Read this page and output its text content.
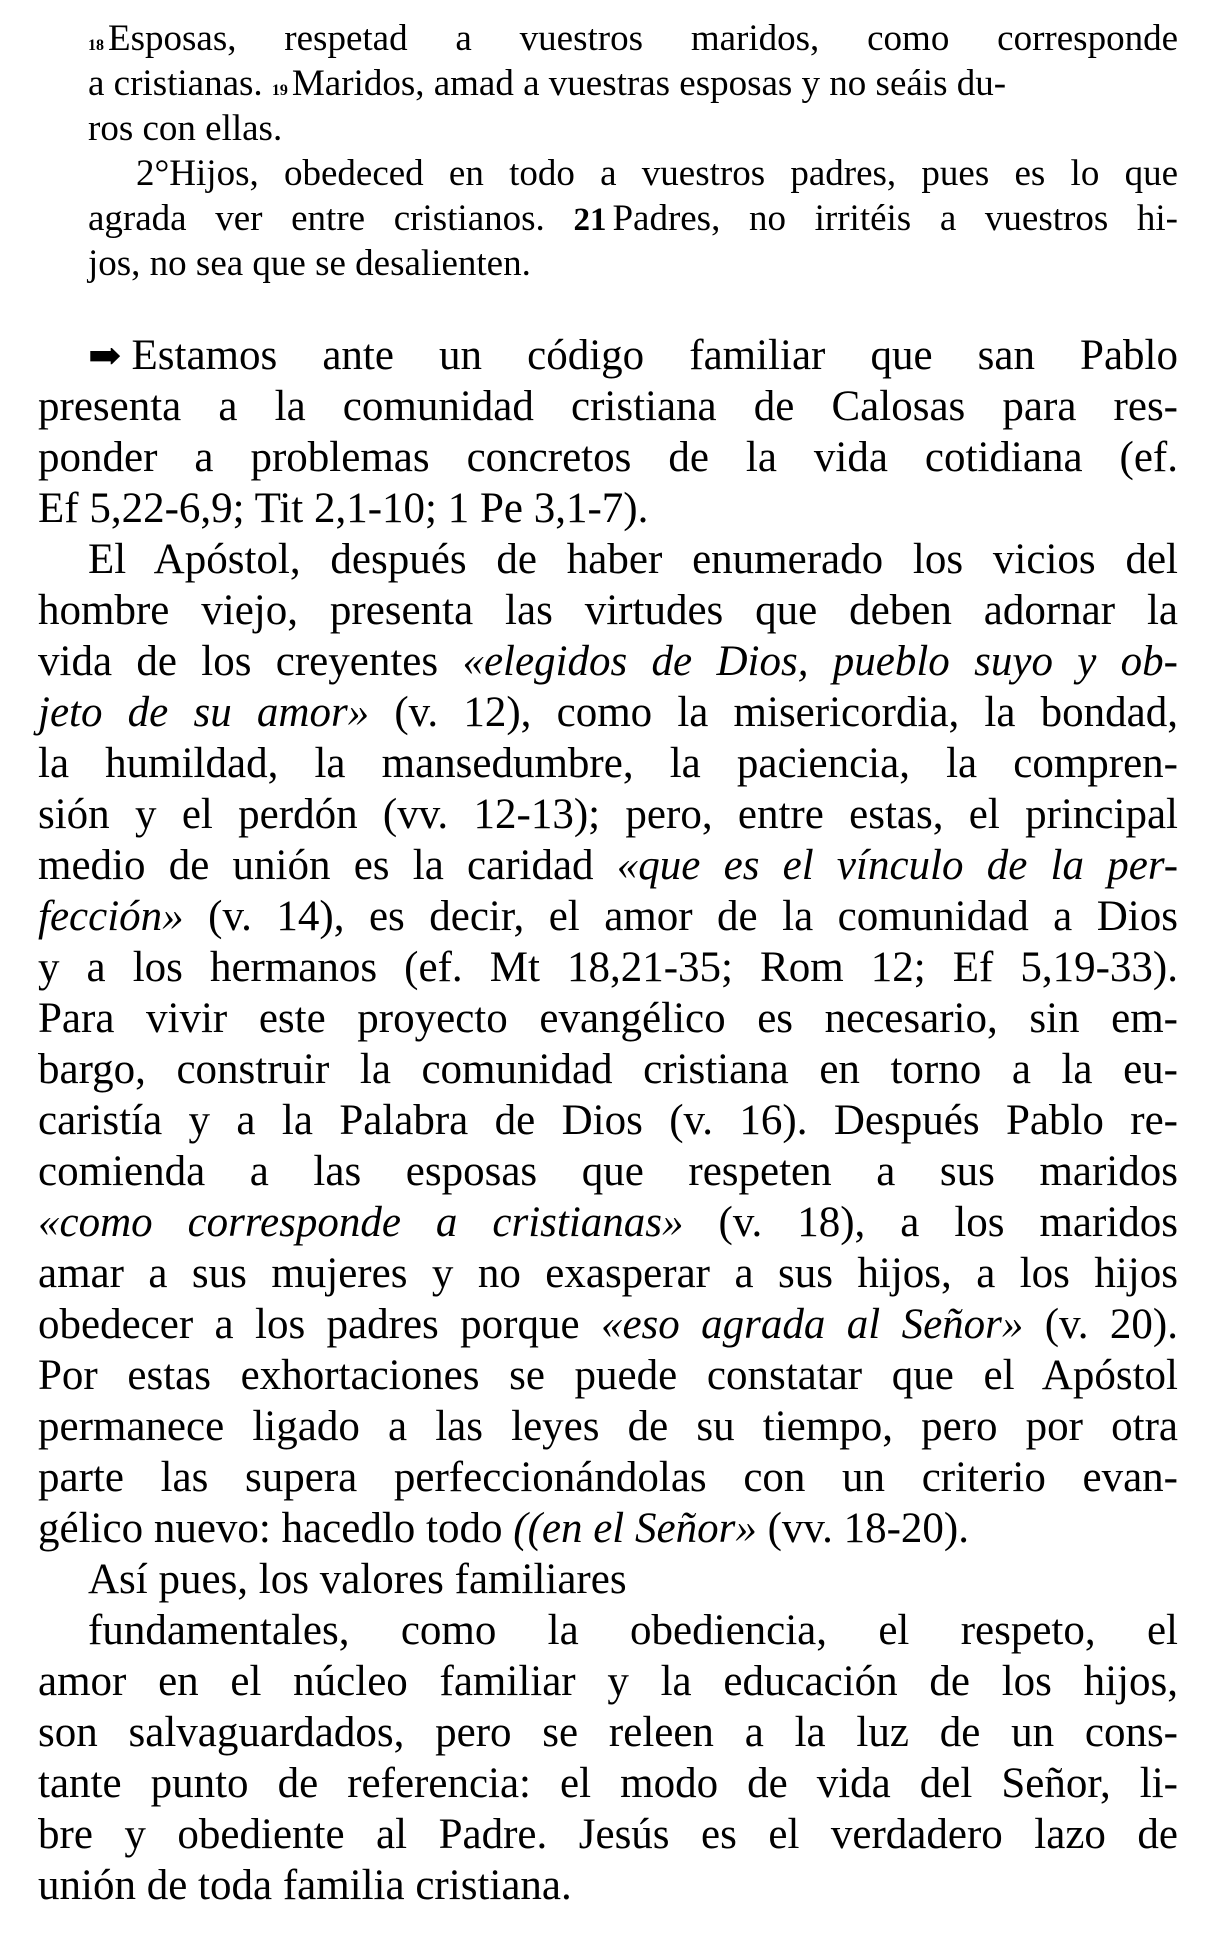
18 Esposas, respetad a vuestros maridos, como corresponde
a cristianas. 19 Maridos, amad a vuestras esposas y no seáis du-
ros con ellas.
2°Hijos, obedeced en todo a vuestros padres, pues es lo que
agrada ver entre cristianos. 21 Padres, no irritéis a vuestros hi-
jos, no sea que se desalienten.
➡ Estamos ante un código familiar que san Pablo
presenta a la comunidad cristiana de Calosas para res-
ponder a problemas concretos de la vida cotidiana (ef.
Ef 5,22-6,9; Tit 2,1-10; 1 Pe 3,1-7).
El Apóstol, después de haber enumerado los vicios del
hombre viejo, presenta las virtudes que deben adornar la
vida de los creyentes «elegidos de Dios, pueblo suyo y ob-
jeto de su amor» (v. 12), como la misericordia, la bondad,
la humildad, la mansedumbre, la paciencia, la compren-
sión y el perdón (vv. 12-13); pero, entre estas, el principal
medio de unión es la caridad «que es el vínculo de la per-
fección» (v. 14), es decir, el amor de la comunidad a Dios
y a los hermanos (ef. Mt 18,21-35; Rom 12; Ef 5,19-33).
Para vivir este proyecto evangélico es necesario, sin em-
bargo, construir la comunidad cristiana en torno a la eu-
caristía y a la Palabra de Dios (v. 16). Después Pablo re-
comienda a las esposas que respeten a sus maridos
«como corresponde a cristianas» (v. 18), a los maridos
amar a sus mujeres y no exasperar a sus hijos, a los hijos
obedecer a los padres porque «eso agrada al Señor» (v. 20).
Por estas exhortaciones se puede constatar que el Apóstol
permanece ligado a las leyes de su tiempo, pero por otra
parte las supera perfeccionándolas con un criterio evan-
gélico nuevo: hacedlo todo ((en el Señor» (vv. 18-20).
Así pues, los valores familiares
fundamentales, como la obediencia, el respeto, el
amor en el núcleo familiar y la educación de los hijos,
son salvaguardados, pero se releen a la luz de un cons-
tante punto de referencia: el modo de vida del Señor, li-
bre y obediente al Padre. Jesús es el verdadero lazo de
unión de toda familia cristiana.
